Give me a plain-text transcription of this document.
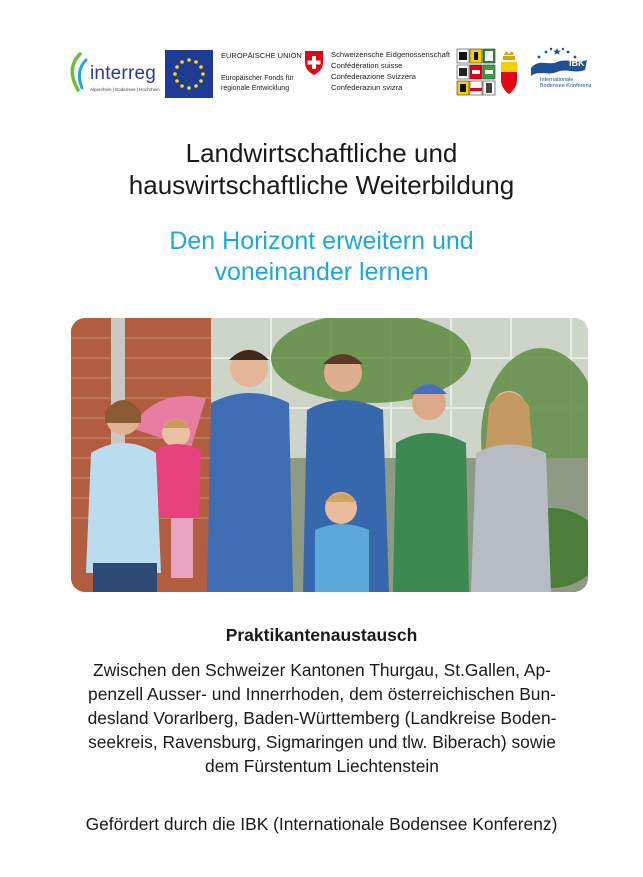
interreg
Alpenrhein | Bodensee | Hochrhein
EUROPÄISCHE UNION
Europäischer Fonds für
regionale Entwicklung
Schweizerische Eidgenossenschaft
Confédération suisse
Confederazione Svizzera
Confederaziun svizra
IBK
Internationale
Bodensee Konferenz
Landwirtschaftliche und
hauswirtschaftliche Weiterbildung
Den Horizont erweitern und
voneinander lernen
Praktikantenaustausch
Zwischen den Schweizer Kantonen Thurgau, St.Gallen, Ap-
penzell Ausser- und Innerrhoden, dem österreichischen Bun-
desland Vorarlberg, Baden-Württemberg (Landkreise Boden-
seekreis, Ravensburg, Sigmaringen und tlw. Biberach) sowie
dem Fürstentum Liechtenstein
Gefördert durch die IBK (Internationale Bodensee Konferenz)
